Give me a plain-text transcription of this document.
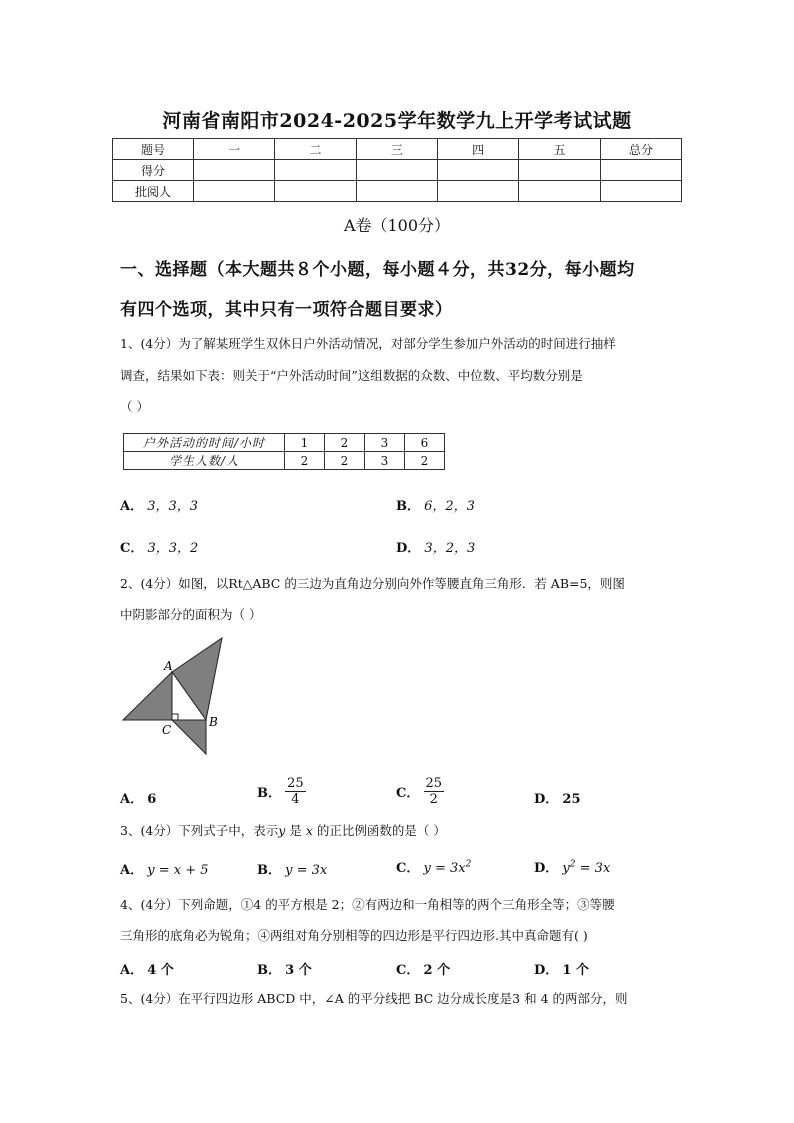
河南省南阳市2024-2025学年数学九上开学考试试题
题号	一	二	三	四	五	总分
得分						
批阅人						
A卷（100分）
一、选择题（本大题共８个小题，每小题４分，共32分，每小题均
有四个选项，其中只有一项符合题目要求）
1、(4分）为了解某班学生双休日户外活动情况，对部分学生参加户外活动的时间进行抽样
调查，结果如下表：则关于“户外活动时间”这组数据的众数、中位数、平均数分别是
（ ）
户外活动的时间/小时	1	2	3	6
学生人数/人	2	2	3	2
A． 3，3，3	B． 6，2，3
C． 3，3，2	D． 3，2，3
2、(4分）如图，以Rt△ABC 的三边为直角边分别向外作等腰直角三角形．若 AB=5，则图
中阴影部分的面积为（ ）
A
B
C
A． 6	B． $\frac{25}{4}$	C． $\frac{25}{2}$	D． 25
3、(4分）下列式子中，表示y 是 x 的正比例函数的是（ ）
A． y = x + 5	B． y = 3x	C． $y = 3x^2$	D． $y^2 = 3x$
4、(4分）下列命题，①4 的平方根是 2；②有两边和一角相等的两个三角形全等；③等腰
三角形的底角必为锐角；④两组对角分别相等的四边形是平行四边形.其中真命题有( )
A． 4 个	B． 3 个	C． 2 个	D． 1 个
5、(4分）在平行四边形 ABCD 中，∠A 的平分线把 BC 边分成长度是3 和 4 的两部分，则
